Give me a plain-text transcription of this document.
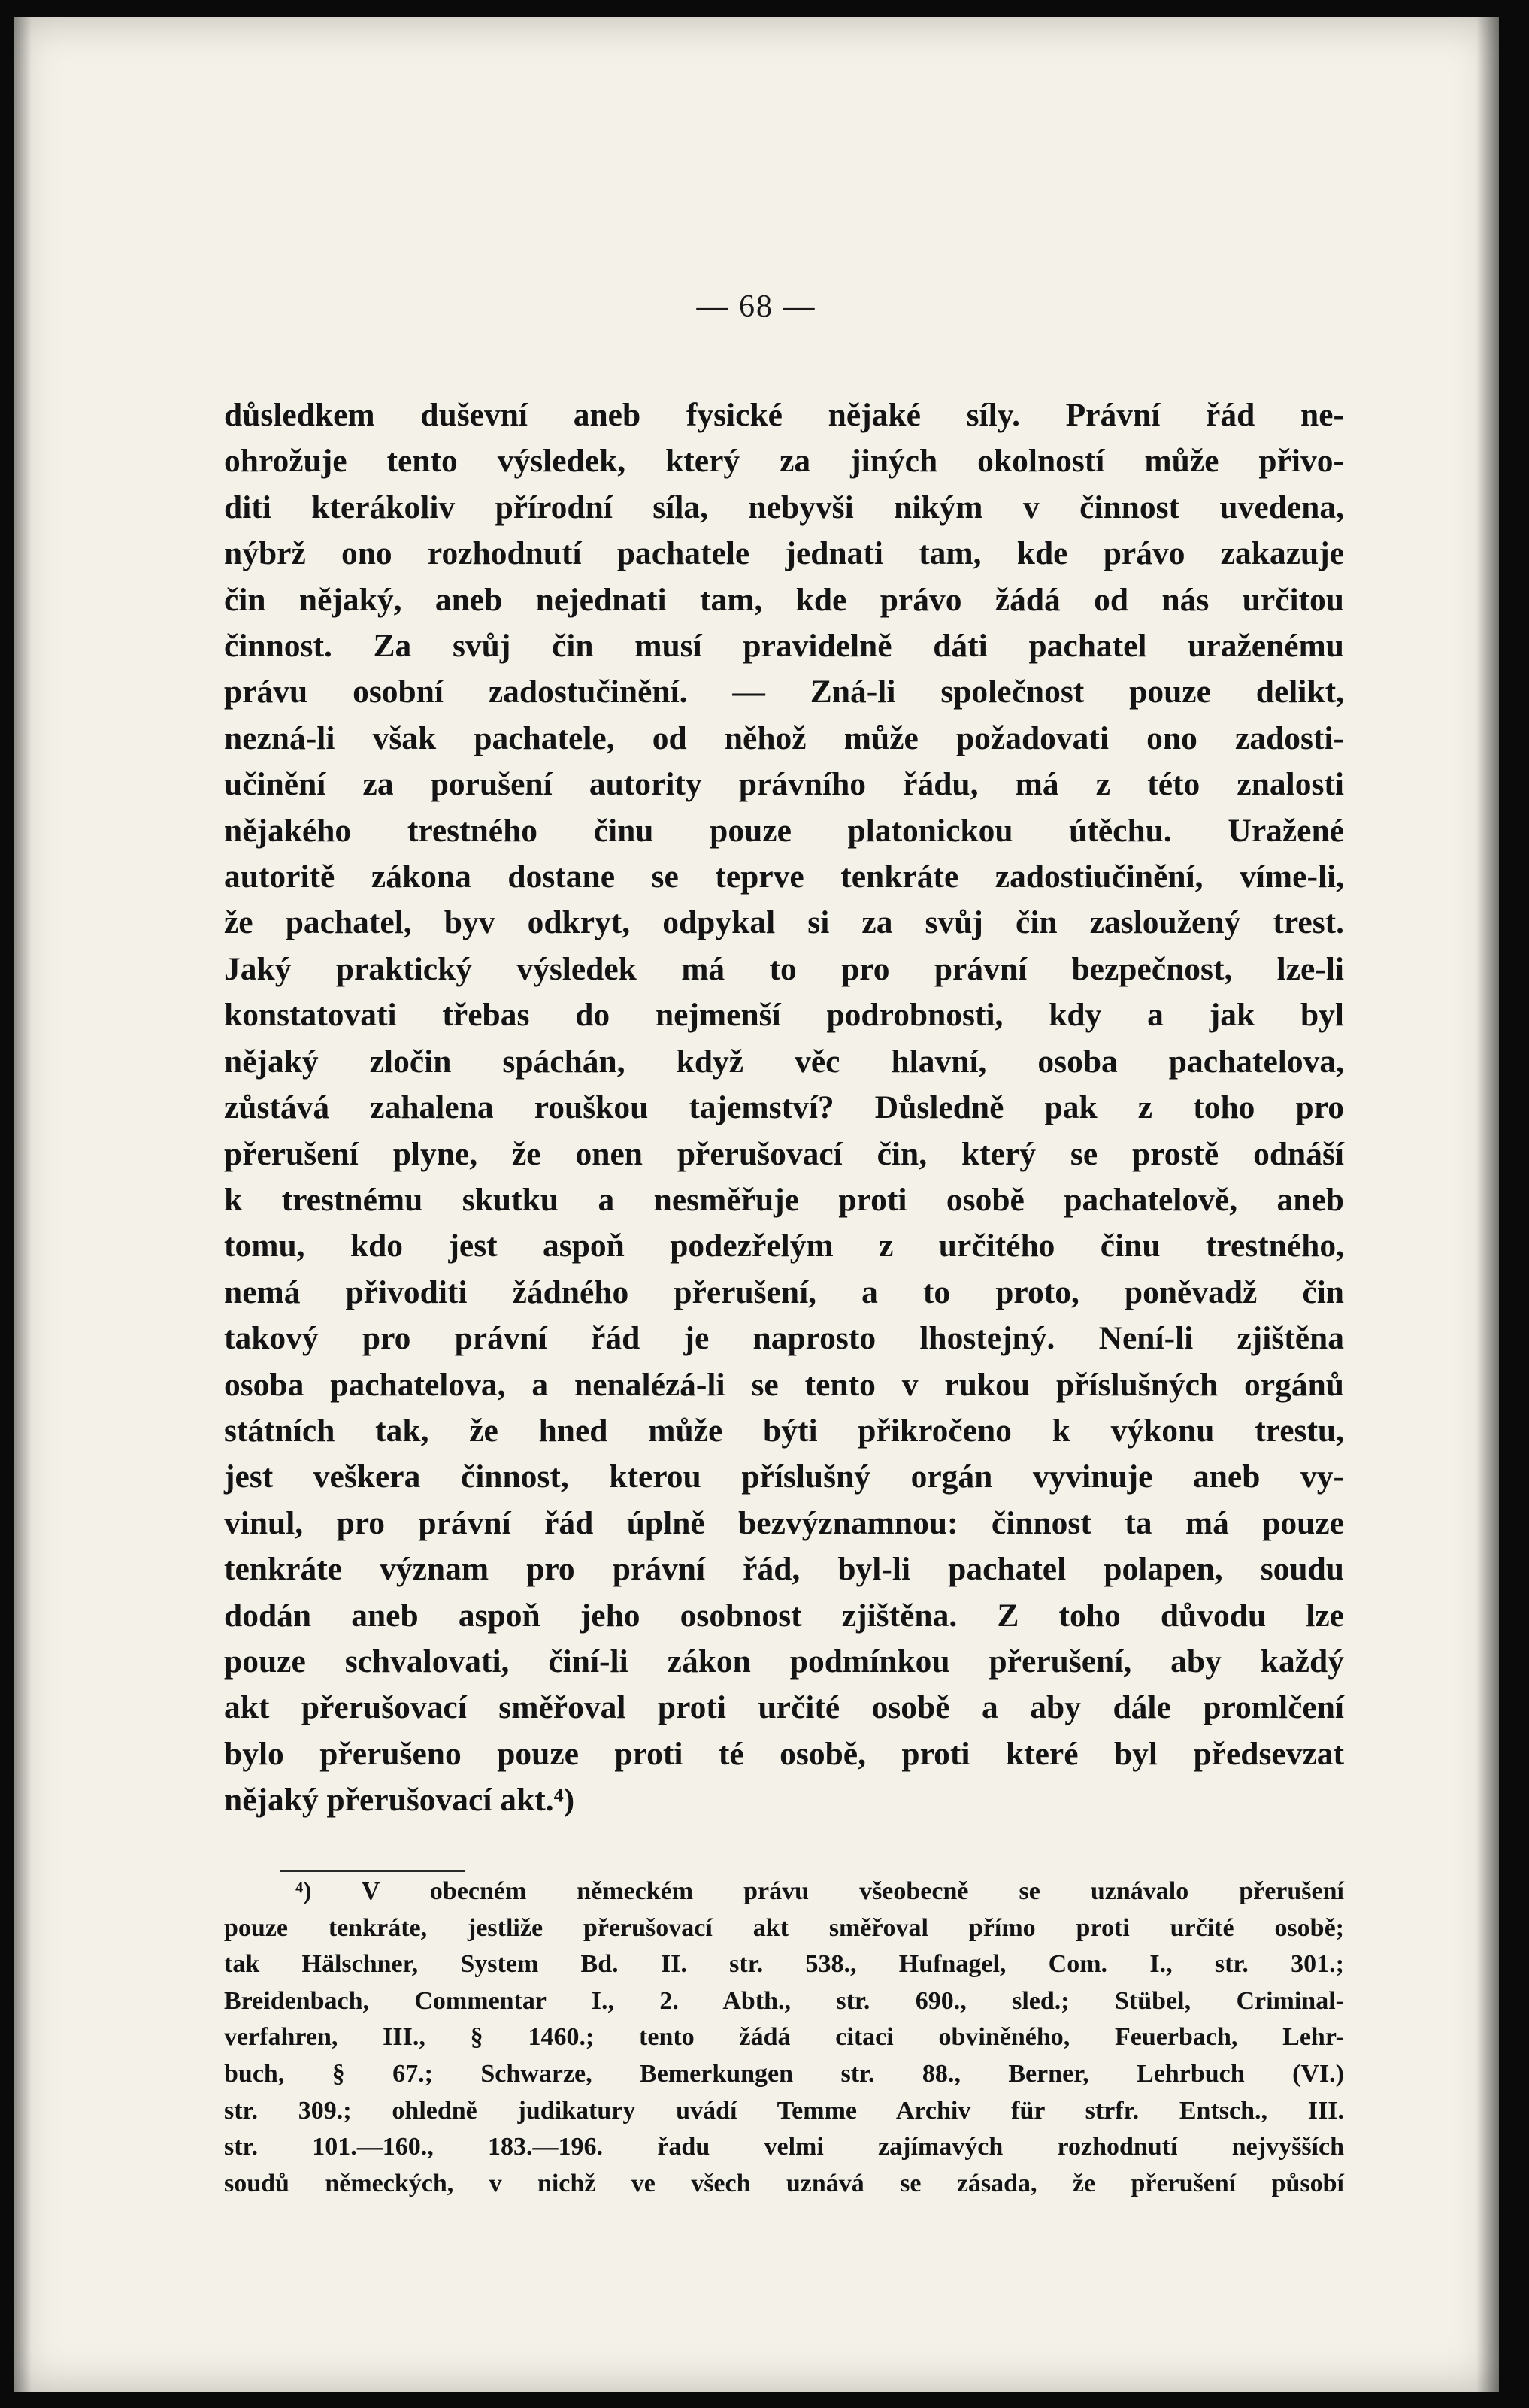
— 68 —
důsledkem duševní aneb fysické nějaké síly. Právní řád ne-
ohrožuje tento výsledek, který za jiných okolností může přivo-
diti kterákoliv přírodní síla, nebyvši nikým v činnost uvedena,
nýbrž ono rozhodnutí pachatele jednati tam, kde právo zakazuje
čin nějaký, aneb nejednati tam, kde právo žádá od nás určitou
činnost. Za svůj čin musí pravidelně dáti pachatel uraženému
právu osobní zadostučinění. — Zná-li společnost pouze delikt,
nezná-li však pachatele, od něhož může požadovati ono zadosti-
učinění za porušení autority právního řádu, má z této znalosti
nějakého trestného činu pouze platonickou útěchu. Uražené
autoritě zákona dostane se teprve tenkráte zadostiučinění, víme-li,
že pachatel, byv odkryt, odpykal si za svůj čin zasloužený trest.
Jaký praktický výsledek má to pro právní bezpečnost, lze-li
konstatovati třebas do nejmenší podrobnosti, kdy a jak byl
nějaký zločin spáchán, když věc hlavní, osoba pachatelova,
zůstává zahalena rouškou tajemství? Důsledně pak z toho pro
přerušení plyne, že onen přerušovací čin, který se prostě odnáší
k trestnému skutku a nesměřuje proti osobě pachatelově, aneb
tomu, kdo jest aspoň podezřelým z určitého činu trestného,
nemá přivoditi žádného přerušení, a to proto, poněvadž čin
takový pro právní řád je naprosto lhostejný. Není-li zjištěna
osoba pachatelova, a nenalézá-li se tento v rukou příslušných orgánů
státních tak, že hned může býti přikročeno k výkonu trestu,
jest veškera činnost, kterou příslušný orgán vyvinuje aneb vy-
vinul, pro právní řád úplně bezvýznamnou: činnost ta má pouze
tenkráte význam pro právní řád, byl-li pachatel polapen, soudu
dodán aneb aspoň jeho osobnost zjištěna. Z toho důvodu lze
pouze schvalovati, činí-li zákon podmínkou přerušení, aby každý
akt přerušovací směřoval proti určité osobě a aby dále promlčení
bylo přerušeno pouze proti té osobě, proti které byl předsevzat
nějaký přerušovací akt.⁴)
⁴) V obecném německém právu všeobecně se uznávalo přerušení
pouze tenkráte, jestliže přerušovací akt směřoval přímo proti určité osobě;
tak Hälschner, System Bd. II. str. 538., Hufnagel, Com. I., str. 301.;
Breidenbach, Commentar I., 2. Abth., str. 690., sled.; Stübel, Criminal-
verfahren, III., § 1460.; tento žádá citaci obviněného, Feuerbach, Lehr-
buch, § 67.; Schwarze, Bemerkungen str. 88., Berner, Lehrbuch (VI.)
str. 309.; ohledně judikatury uvádí Temme Archiv für strfr. Entsch., III.
str. 101.—160., 183.—196. řadu velmi zajímavých rozhodnutí nejvyšších
soudů německých, v nichž ve všech uznává se zásada, že přerušení působí
